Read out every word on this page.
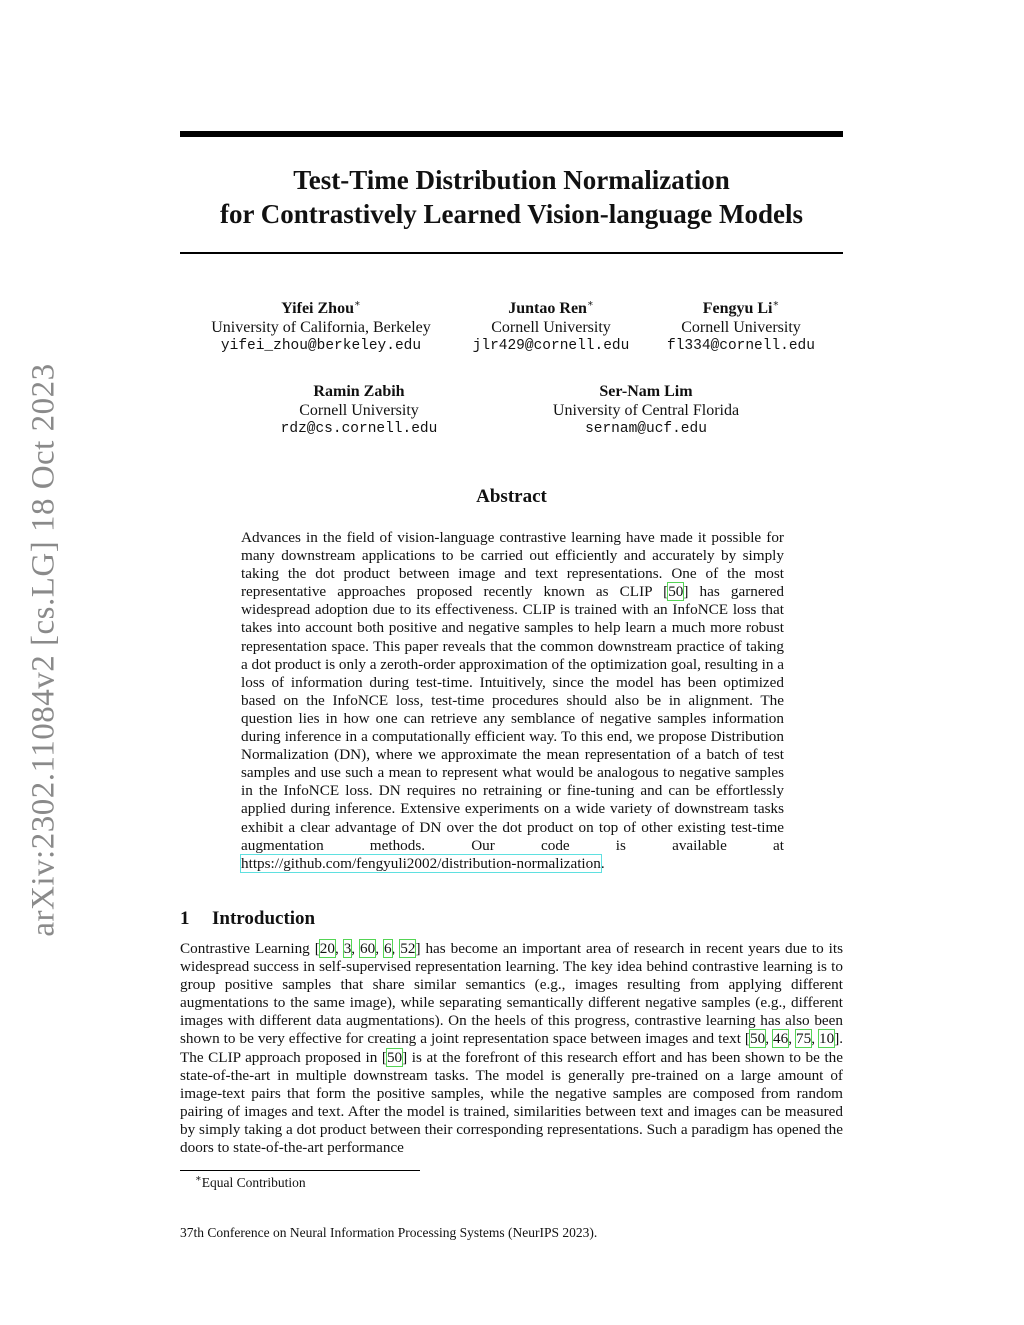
arXiv:2302.11084v2 [cs.LG] 18 Oct 2023
Test-Time Distribution Normalization
for Contrastively Learned Vision-language Models
Yifei Zhou∗
University of California, Berkeley
yifei_zhou@berkeley.edu
Juntao Ren∗
Cornell University
jlr429@cornell.edu
Fengyu Li∗
Cornell University
fl334@cornell.edu
Ramin Zabih
Cornell University
rdz@cs.cornell.edu
Ser-Nam Lim
University of Central Florida
sernam@ucf.edu
Abstract
Advances in the field of vision-language contrastive learning have made it possible for many downstream applications to be carried out efficiently and accurately by simply taking the dot product between image and text representations. One of the most representative approaches proposed recently known as CLIP [50] has garnered widespread adoption due to its effectiveness. CLIP is trained with an InfoNCE loss that takes into account both positive and negative samples to help learn a much more robust representation space. This paper reveals that the common downstream practice of taking a dot product is only a zeroth-order approximation of the optimization goal, resulting in a loss of information during test-time. Intuitively, since the model has been optimized based on the InfoNCE loss, test-time procedures should also be in alignment. The question lies in how one can retrieve any semblance of negative samples information during inference in a computationally efficient way. To this end, we propose Distribution Normalization (DN), where we approximate the mean representation of a batch of test samples and use such a mean to represent what would be analogous to negative samples in the InfoNCE loss. DN requires no retraining or fine-tuning and can be effortlessly applied during inference. Extensive experiments on a wide variety of downstream tasks exhibit a clear advantage of DN over the dot product on top of other existing test-time augmentation methods. Our code is available at https://github.com/fengyuli2002/distribution-normalization.
1 Introduction
Contrastive Learning [20, 3, 60, 6, 52] has become an important area of research in recent years due to its widespread success in self-supervised representation learning. The key idea behind contrastive learning is to group positive samples that share similar semantics (e.g., images resulting from applying different augmentations to the same image), while separating semantically different negative samples (e.g., different images with different data augmentations). On the heels of this progress, contrastive learning has also been shown to be very effective for creating a joint representation space between images and text [50, 46, 75, 10]. The CLIP approach proposed in [50] is at the forefront of this research effort and has been shown to be the state-of-the-art in multiple downstream tasks. The model is generally pre-trained on a large amount of image-text pairs that form the positive samples, while the negative samples are composed from random pairing of images and text. After the model is trained, similarities between text and images can be measured by simply taking a dot product between their corresponding representations. Such a paradigm has opened the doors to state-of-the-art performance
∗Equal Contribution
37th Conference on Neural Information Processing Systems (NeurIPS 2023).
